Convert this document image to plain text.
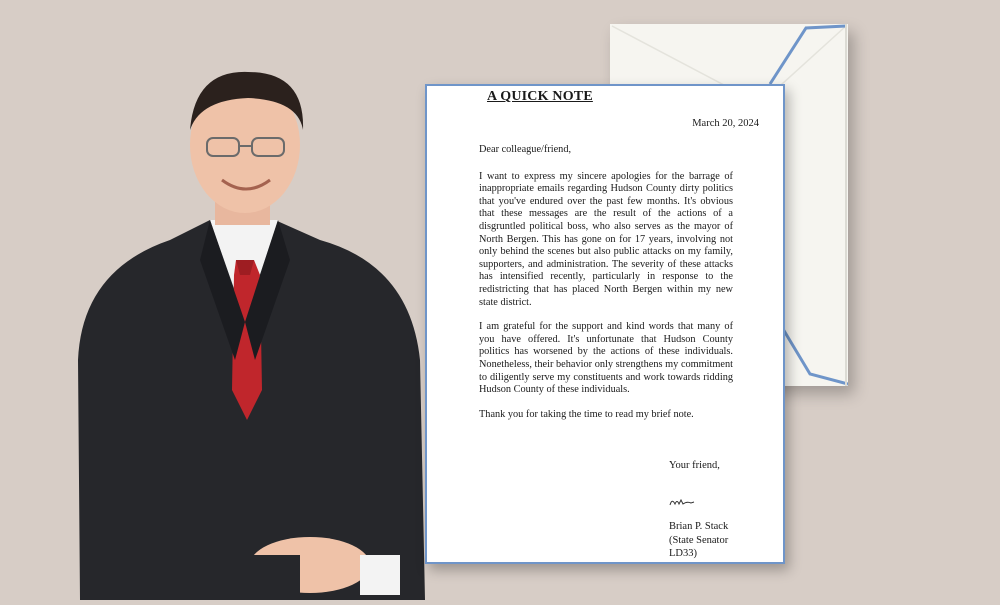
A QUICK NOTE
March 20, 2024

Dear colleague/friend,

I want to express my sincere apologies for the barrage of inappropriate emails regarding Hudson County dirty politics that you've endured over the past few months. It's obvious that these messages are the result of the actions of a disgruntled political boss, who also serves as the mayor of North Bergen. This has gone on for 17 years, involving not only behind the scenes but also public attacks on my family, supporters, and administration. The severity of these attacks has intensified recently, particularly in response to the redistricting that has placed North Bergen within my new state district.

I am grateful for the support and kind words that many of you have offered. It's unfortunate that Hudson County politics has worsened by the actions of these individuals. Nonetheless, their behavior only strengthens my commitment to diligently serve my constituents and work towards ridding Hudson County of these individuals.

Thank you for taking the time to read my brief note.

Your friend,
Brian P. Stack
(State Senator
LD33)
